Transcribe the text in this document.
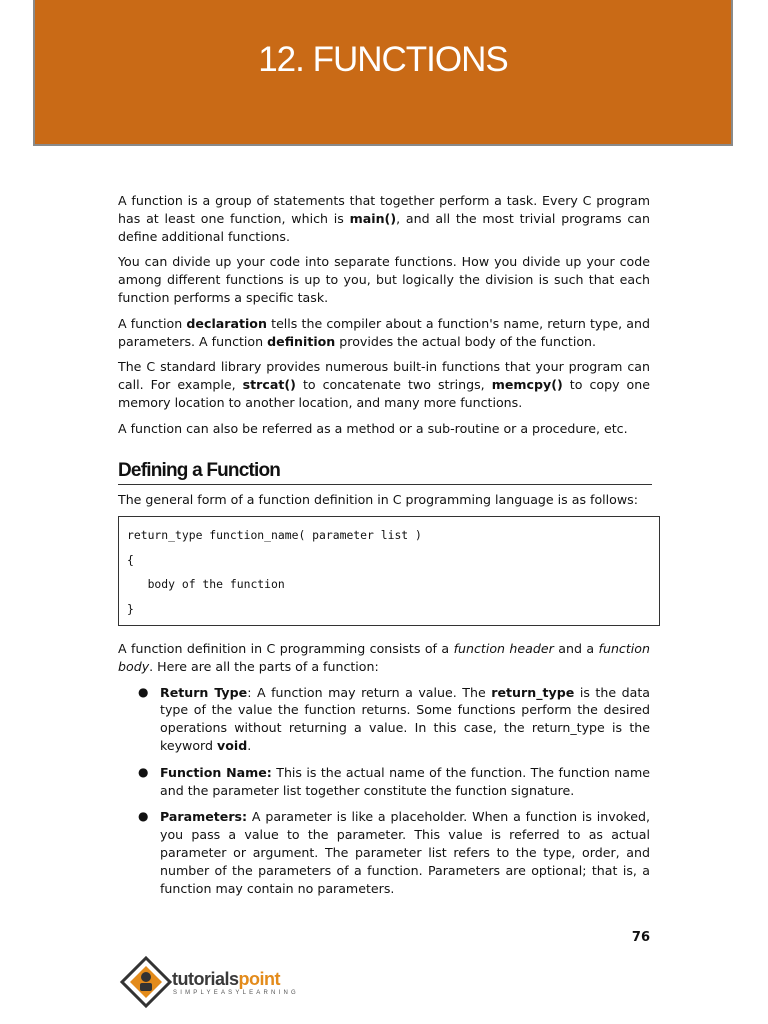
12. FUNCTIONS

A function is a group of statements that together perform a task. Every C program has at least one function, which is main(), and all the most trivial programs can define additional functions.

You can divide up your code into separate functions. How you divide up your code among different functions is up to you, but logically the division is such that each function performs a specific task.

A function declaration tells the compiler about a function's name, return type, and parameters. A function definition provides the actual body of the function.

The C standard library provides numerous built-in functions that your program can call. For example, strcat() to concatenate two strings, memcpy() to copy one memory location to another location, and many more functions.

A function can also be referred as a method or a sub-routine or a procedure, etc.

Defining a Function

The general form of a function definition in C programming language is as follows:

return_type function_name( parameter list )
{
body of the function
}

A function definition in C programming consists of a function header and a function body. Here are all the parts of a function:

● Return Type: A function may return a value. The return_type is the data type of the value the function returns. Some functions perform the desired operations without returning a value. In this case, the return_type is the keyword void.

● Function Name: This is the actual name of the function. The function name and the parameter list together constitute the function signature.

● Parameters: A parameter is like a placeholder. When a function is invoked, you pass a value to the parameter. This value is referred to as actual parameter or argument. The parameter list refers to the type, order, and number of the parameters of a function. Parameters are optional; that is, a function may contain no parameters.

76
tutorialspoint
SIMPLYEASYLEARNING
